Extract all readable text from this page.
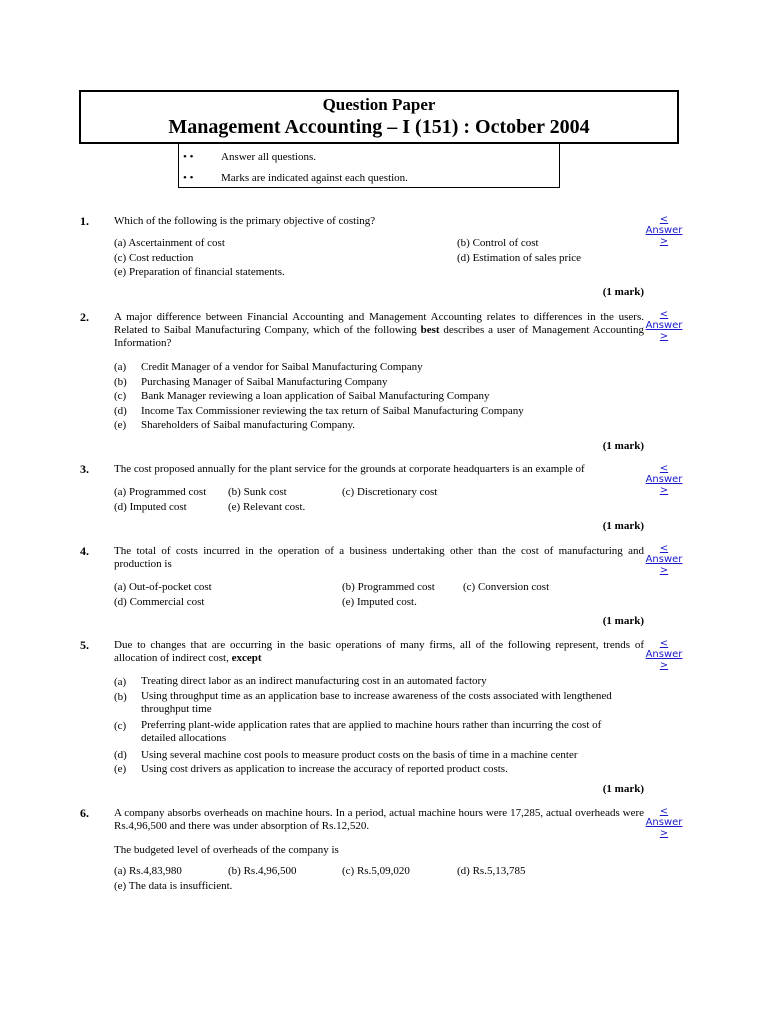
Question Paper
Management Accounting – I (151) : October 2004
• •	Answer all questions.
• •	Marks are indicated against each question.
1. Which of the following is the primary objective of costing?	<
Answer
>
(a) Ascertainment of cost	(b) Control of cost
(c) Cost reduction	(d) Estimation of sales price
(e) Preparation of financial statements.
(1 mark)
2. A major difference between Financial Accounting and Management Accounting relates to differences in the users. Related to Saibal Manufacturing Company, which of the following best describes a user of Management Accounting Information?
<
Answer
>
(a) Credit Manager of a vendor for Saibal Manufacturing Company
(b) Purchasing Manager of Saibal Manufacturing Company
(c) Bank Manager reviewing a loan application of Saibal Manufacturing Company
(d) Income Tax Commissioner reviewing the tax return of Saibal Manufacturing Company
(e) Shareholders of Saibal manufacturing Company.
(1 mark)
3. The cost proposed annually for the plant service for the grounds at corporate headquarters is an example of	<
Answer
>
(a) Programmed cost (b) Sunk cost	(c) Discretionary cost
(d) Imputed cost	(e) Relevant cost.
(1 mark)
4. The total of costs incurred in the operation of a business undertaking other than the cost of manufacturing and production is
<
Answer
>
(a) Out-of-pocket cost	(b) Programmed cost	(c) Conversion cost
(d) Commercial cost	(e) Imputed cost.
(1 mark)
5. Due to changes that are occurring in the basic operations of many firms, all of the following represent, trends of allocation of indirect cost, except
<
Answer
>
(a) Treating direct labor as an indirect manufacturing cost in an automated factory
(b) Using throughput time as an application base to increase awareness of the costs associated with lengthened throughput time
(c) Preferring plant-wide application rates that are applied to machine hours rather than incurring the cost of detailed allocations
(d) Using several machine cost pools to measure product costs on the basis of time in a machine center
(e) Using cost drivers as application to increase the accuracy of reported product costs.
(1 mark)
6. A company absorbs overheads on machine hours. In a period, actual machine hours were 17,285, actual overheads were Rs.4,96,500 and there was under absorption of Rs.12,520.
<
Answer
>
The budgeted level of overheads of the company is
(a) Rs.4,83,980	(b) Rs.4,96,500	(c) Rs.5,09,020	(d) Rs.5,13,785
(e) The data is insufficient.
